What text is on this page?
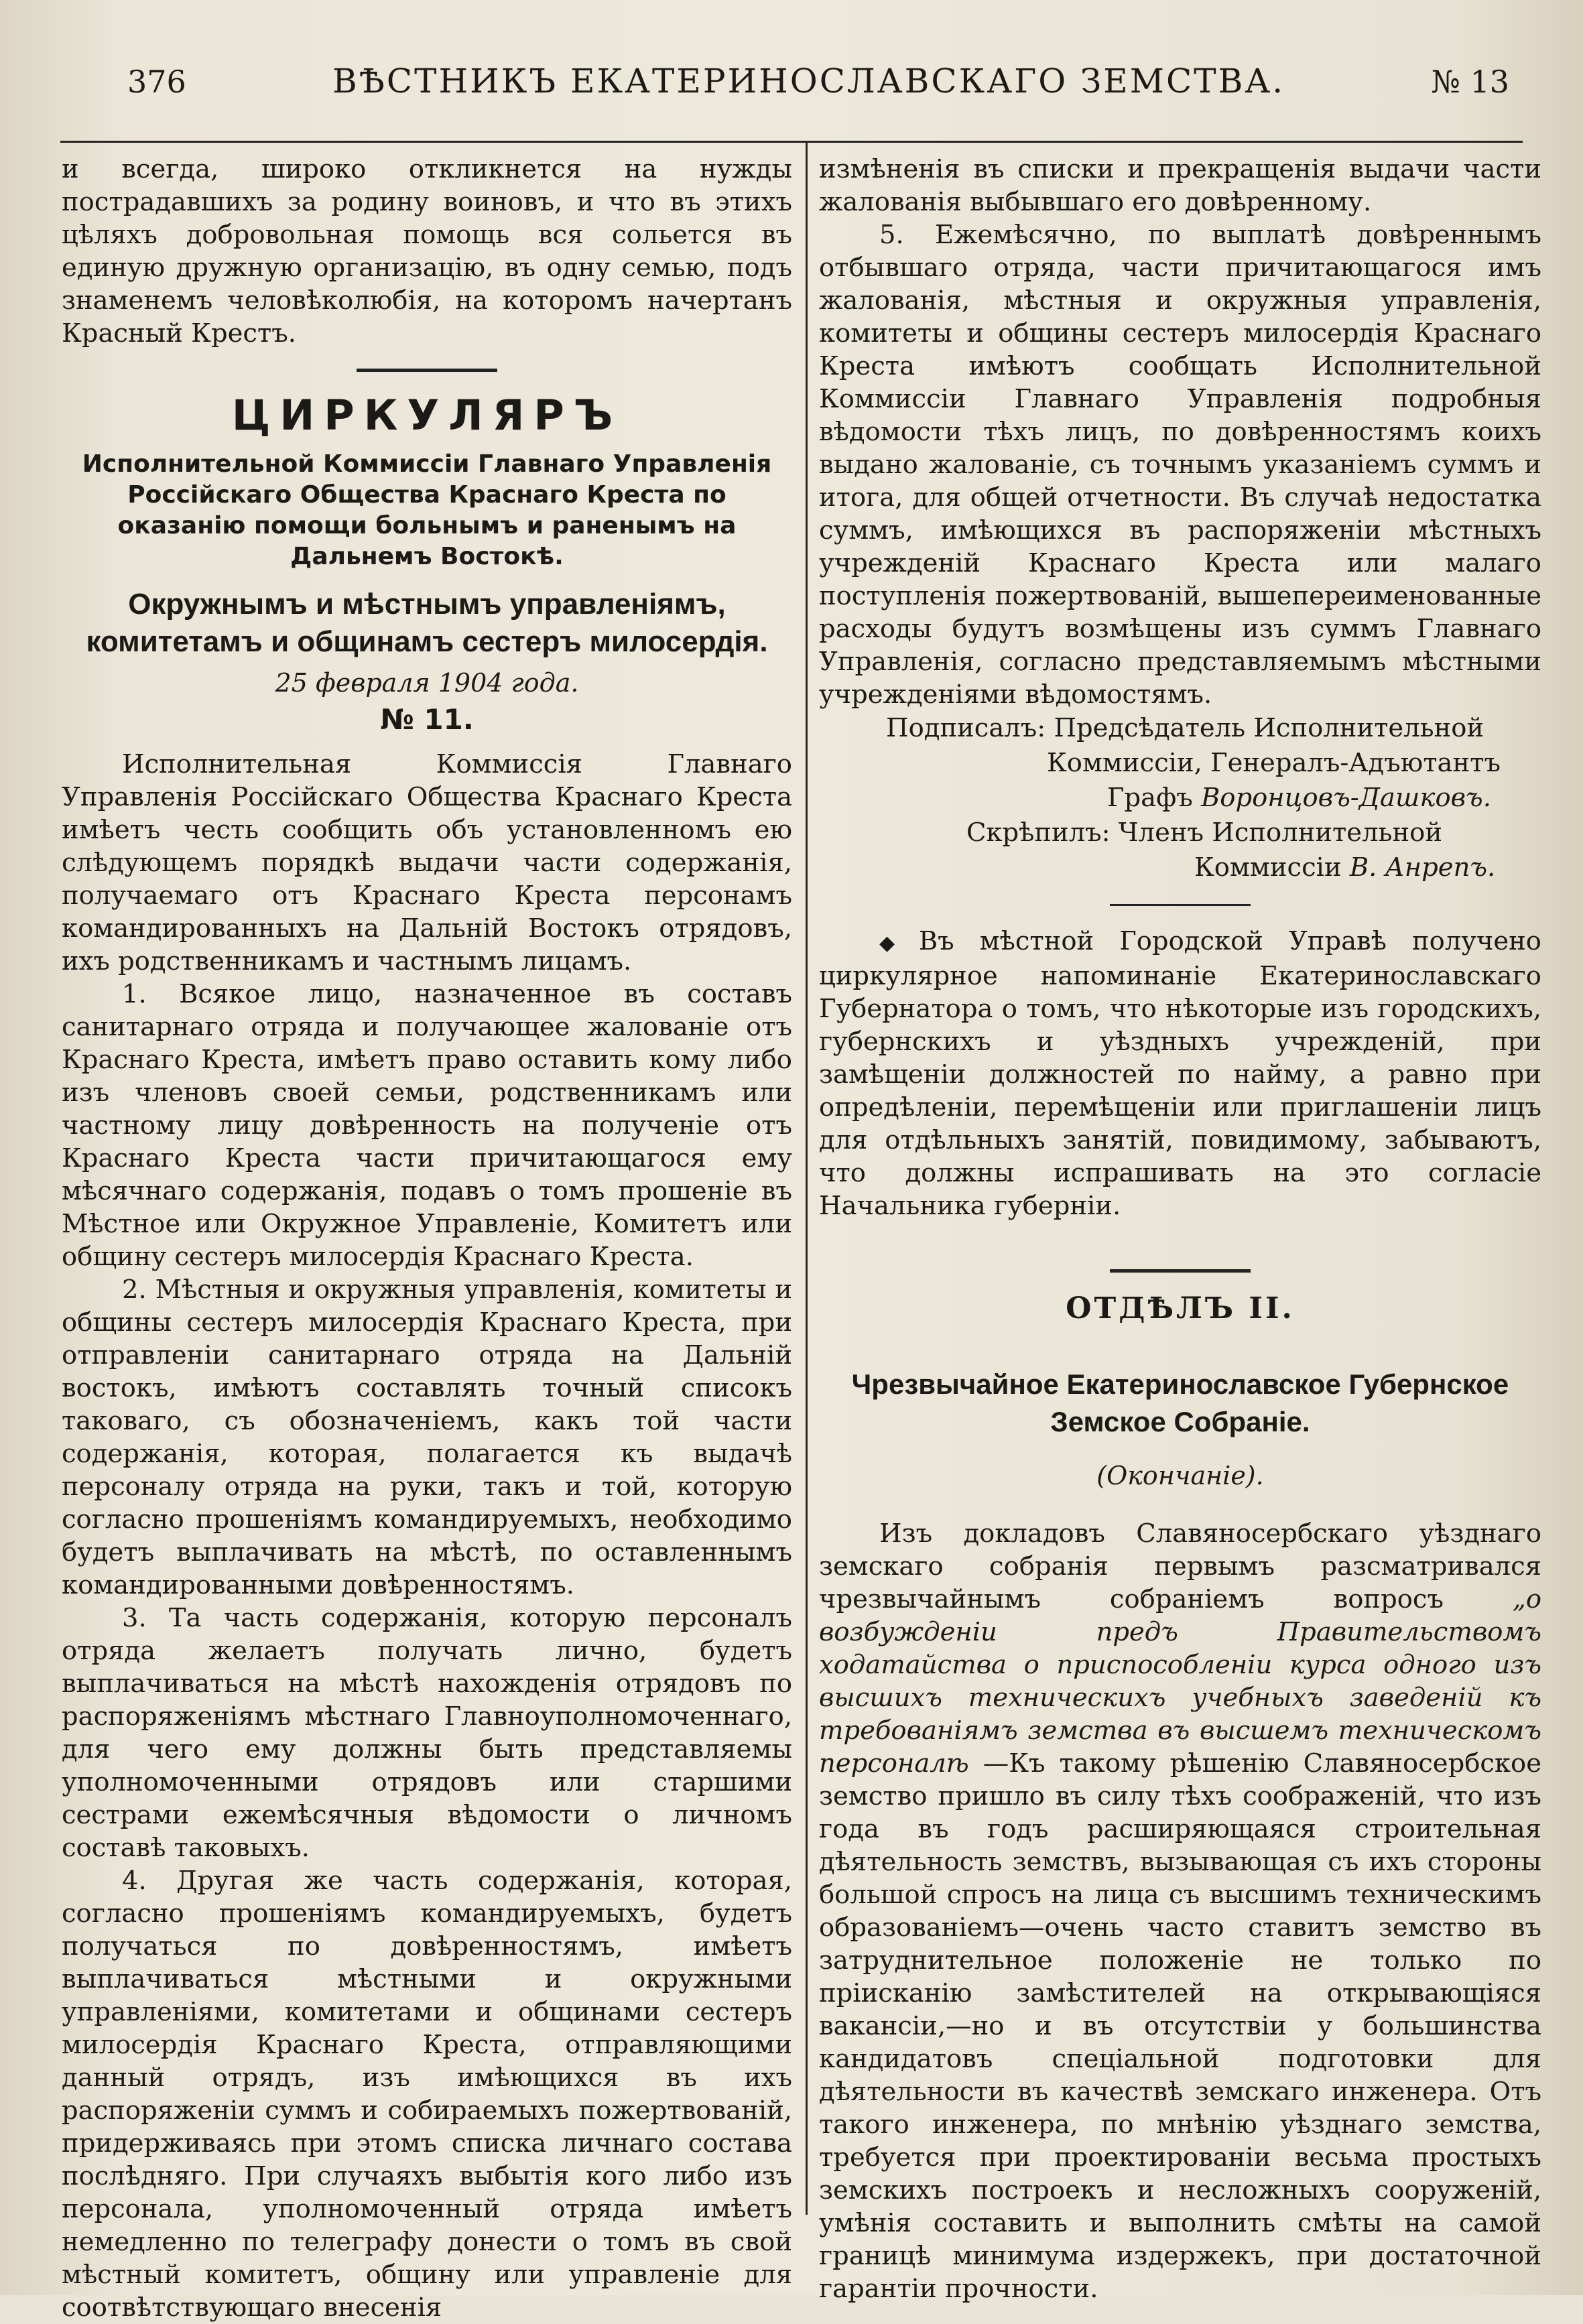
376	ВѢСТНИКЪ ЕКАТЕРИНОСЛАВСКАГО ЗЕМСТВА.	№ 13

и всегда, широко откликнется на нужды пострадавшихъ за родину воиновъ, и что въ этихъ цѣляхъ добровольная помощь вся сольется въ единую дружную организацію, въ одну семью, подъ знаменемъ человѣколюбія, на которомъ начертанъ Красный Крестъ.

ЦИРКУЛЯРЪ
Исполнительной Коммиссіи Главнаго Управленія Россійскаго Общества Краснаго Креста по оказанію помощи больнымъ и раненымъ на Дальнемъ Востокѣ.
Окружнымъ и мѣстнымъ управленіямъ, комитетамъ и общинамъ сестеръ милосердія.
25 февраля 1904 года.
№ 11.

Исполнительная Коммиссія Главнаго Управленія Россійскаго Общества Краснаго Креста имѣетъ честь сообщить объ установленномъ ею слѣдующемъ порядкѣ выдачи части содержанія, получаемаго отъ Краснаго Креста персонамъ командированныхъ на Дальній Востокъ отрядовъ, ихъ родственникамъ и частнымъ лицамъ.

1. Всякое лицо, назначенное въ составъ санитарнаго отряда и получающее жалованіе отъ Краснаго Креста, имѣетъ право оставить кому либо изъ членовъ своей семьи, родственникамъ или частному лицу довѣренность на полученіе отъ Краснаго Креста части причитающагося ему мѣсячнаго содержанія, подавъ о томъ прошеніе въ Мѣстное или Окружное Управленіе, Комитетъ или общину сестеръ милосердія Краснаго Креста.

2. Мѣстныя и окружныя управленія, комитеты и общины сестеръ милосердія Краснаго Креста, при отправленіи санитарнаго отряда на Дальній востокъ, имѣютъ составлять точный списокъ таковаго, съ обозначеніемъ, какъ той части содержанія, которая, полагается къ выдачѣ персоналу отряда на руки, такъ и той, которую согласно прошеніямъ командируемыхъ, необходимо будетъ выплачивать на мѣстѣ, по оставленнымъ командированными довѣренностямъ.

3. Та часть содержанія, которую персоналъ отряда желаетъ получать лично, будетъ выплачиваться на мѣстѣ нахожденія отрядовъ по распоряженіямъ мѣстнаго Главноуполномоченнаго, для чего ему должны быть представляемы уполномоченными отрядовъ или старшими сестрами ежемѣсячныя вѣдомости о личномъ составѣ таковыхъ.

4. Другая же часть содержанія, которая, согласно прошеніямъ командируемыхъ, будетъ получаться по довѣренностямъ, имѣетъ выплачиваться мѣстными и окружными управленіями, комитетами и общинами сестеръ милосердія Краснаго Креста, отправляющими данный отрядъ, изъ имѣющихся въ ихъ распоряженіи суммъ и собираемыхъ пожертвованій, придерживаясь при этомъ списка личнаго состава послѣдняго. При случаяхъ выбытія кого либо изъ персонала, уполномоченный отряда имѣетъ немедленно по телеграфу донести о томъ въ свой мѣстный комитетъ, общину или управленіе для соотвѣтствующаго внесенія

измѣненія въ списки и прекращенія выдачи части жалованія выбывшаго его довѣренному.

5. Ежемѣсячно, по выплатѣ довѣреннымъ отбывшаго отряда, части причитающагося имъ жалованія, мѣстныя и окружныя управленія, комитеты и общины сестеръ милосердія Краснаго Креста имѣютъ сообщать Исполнительной Коммиссіи Главнаго Управленія подробныя вѣдомости тѣхъ лицъ, по довѣренностямъ коихъ выдано жалованіе, съ точнымъ указаніемъ суммъ и итога, для общей отчетности. Въ случаѣ недостатка суммъ, имѣющихся въ распоряженіи мѣстныхъ учрежденій Краснаго Креста или малаго поступленія пожертвованій, вышепереименованные расходы будутъ возмѣщены изъ суммъ Главнаго Управленія, согласно представляемымъ мѣстными учрежденіями вѣдомостямъ.

Подписалъ: Предсѣдатель Исполнительной
Коммиссіи, Генералъ-Адъютантъ
Графъ Воронцовъ-Дашковъ.
Скрѣпилъ: Членъ Исполнительной
Коммиссіи В. Анрепъ.

◆ Въ мѣстной Городской Управѣ получено циркулярное напоминаніе Екатеринославскаго Губернатора о томъ, что нѣкоторые изъ городскихъ, губернскихъ и уѣздныхъ учрежденій, при замѣщеніи должностей по найму, а равно при опредѣленіи, перемѣщеніи или приглашеніи лицъ для отдѣльныхъ занятій, повидимому, забываютъ, что должны испрашивать на это согласіе Начальника губерніи.

ОТДѢЛЪ II.
Чрезвычайное Екатеринославское Губернское Земское Собраніе.
(Окончаніе).

Изъ докладовъ Славяносербскаго уѣзднаго земскаго собранія первымъ разсматривался чрезвычайнымъ собраніемъ вопросъ „о возбужденіи предъ Правительствомъ ходатайства о приспособленіи курса одного изъ высшихъ техническихъ учебныхъ заведеній къ требованіямъ земства въ высшемъ техническомъ персоналѣ —Къ такому рѣшенію Славяносербское земство пришло въ силу тѣхъ соображеній, что изъ года въ годъ расширяющаяся строительная дѣятельность земствъ, вызывающая съ ихъ стороны большой спросъ на лица съ высшимъ техническимъ образованіемъ—очень часто ставитъ земство въ затруднительное положеніе не только по прiисканію замѣстителей на открывающіяся вакансіи,—но и въ отсутствіи у большинства кандидатовъ спеціальной подготовки для дѣятельности въ качествѣ земскаго инженера. Отъ такого инженера, по мнѣнію уѣзднаго земства, требуется при проектированіи весьма простыхъ земскихъ построекъ и несложныхъ сооруженій, умѣнія составить и выполнить смѣты на самой границѣ минимума издержекъ, при достаточной гарантіи прочности.
